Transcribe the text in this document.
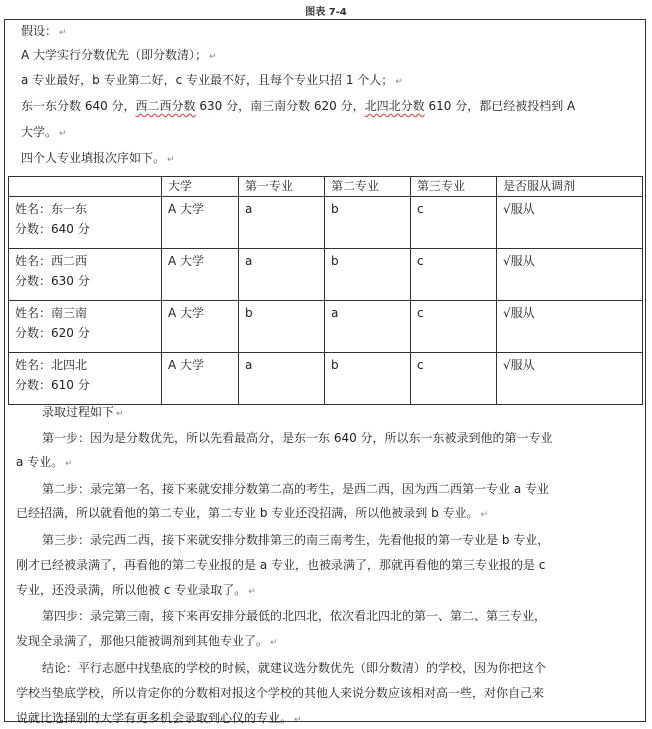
图表 7-4
假设： ↵
A 大学实行分数优先（即分数清）； ↵
a 专业最好，b 专业第二好，c 专业最不好，且每个专业只招 1 个人； ↵
东一东分数 640 分，西二西分数 630 分，南三南分数 620 分，北四北分数 610 分，都已经被投档到 A
大学。 ↵
四个人专业填报次序如下。 ↵
	大学	第一专业	第二专业	第三专业	是否服从调剂

姓名：东一东
分数：640 分	A 大学	a	b	c	√服从

姓名：西二西
分数：630 分	A 大学	a	b	c	√服从

姓名：南三南
分数：620 分	A 大学	b	a	c	√服从

姓名：北四北
分数：610 分	A 大学	a	b	c	√服从
录取过程如下 ↵
第一步：因为是分数优先，所以先看最高分，是东一东 640 分，所以东一东被录到他的第一专业
a 专业。 ↵
第二步：录完第一名，接下来就安排分数第二高的考生，是西二西，因为西二西第一专业 a 专业
已经招满，所以就看他的第二专业，第二专业 b 专业还没招满，所以他被录到 b 专业。 ↵
第三步：录完西二西，接下来就安排分数排第三的南三南考生，先看他报的第一专业是 b 专业，
刚才已经被录满了，再看他的第二专业报的是 a 专业，也被录满了，那就再看他的第三专业报的是 c
专业，还没录满，所以他被 c 专业录取了。 ↵
第四步：录完第三南，接下来再安排分最低的北四北，依次看北四北的第一、第二、第三专业，
发现全录满了，那他只能被调剂到其他专业了。 ↵
结论：平行志愿中找垫底的学校的时候，就建议选分数优先（即分数清）的学校，因为你把这个
学校当垫底学校，所以肯定你的分数相对报这个学校的其他人来说分数应该相对高一些，对你自己来
说就比选择别的大学有更多机会录取到心仪的专业。 ↵
